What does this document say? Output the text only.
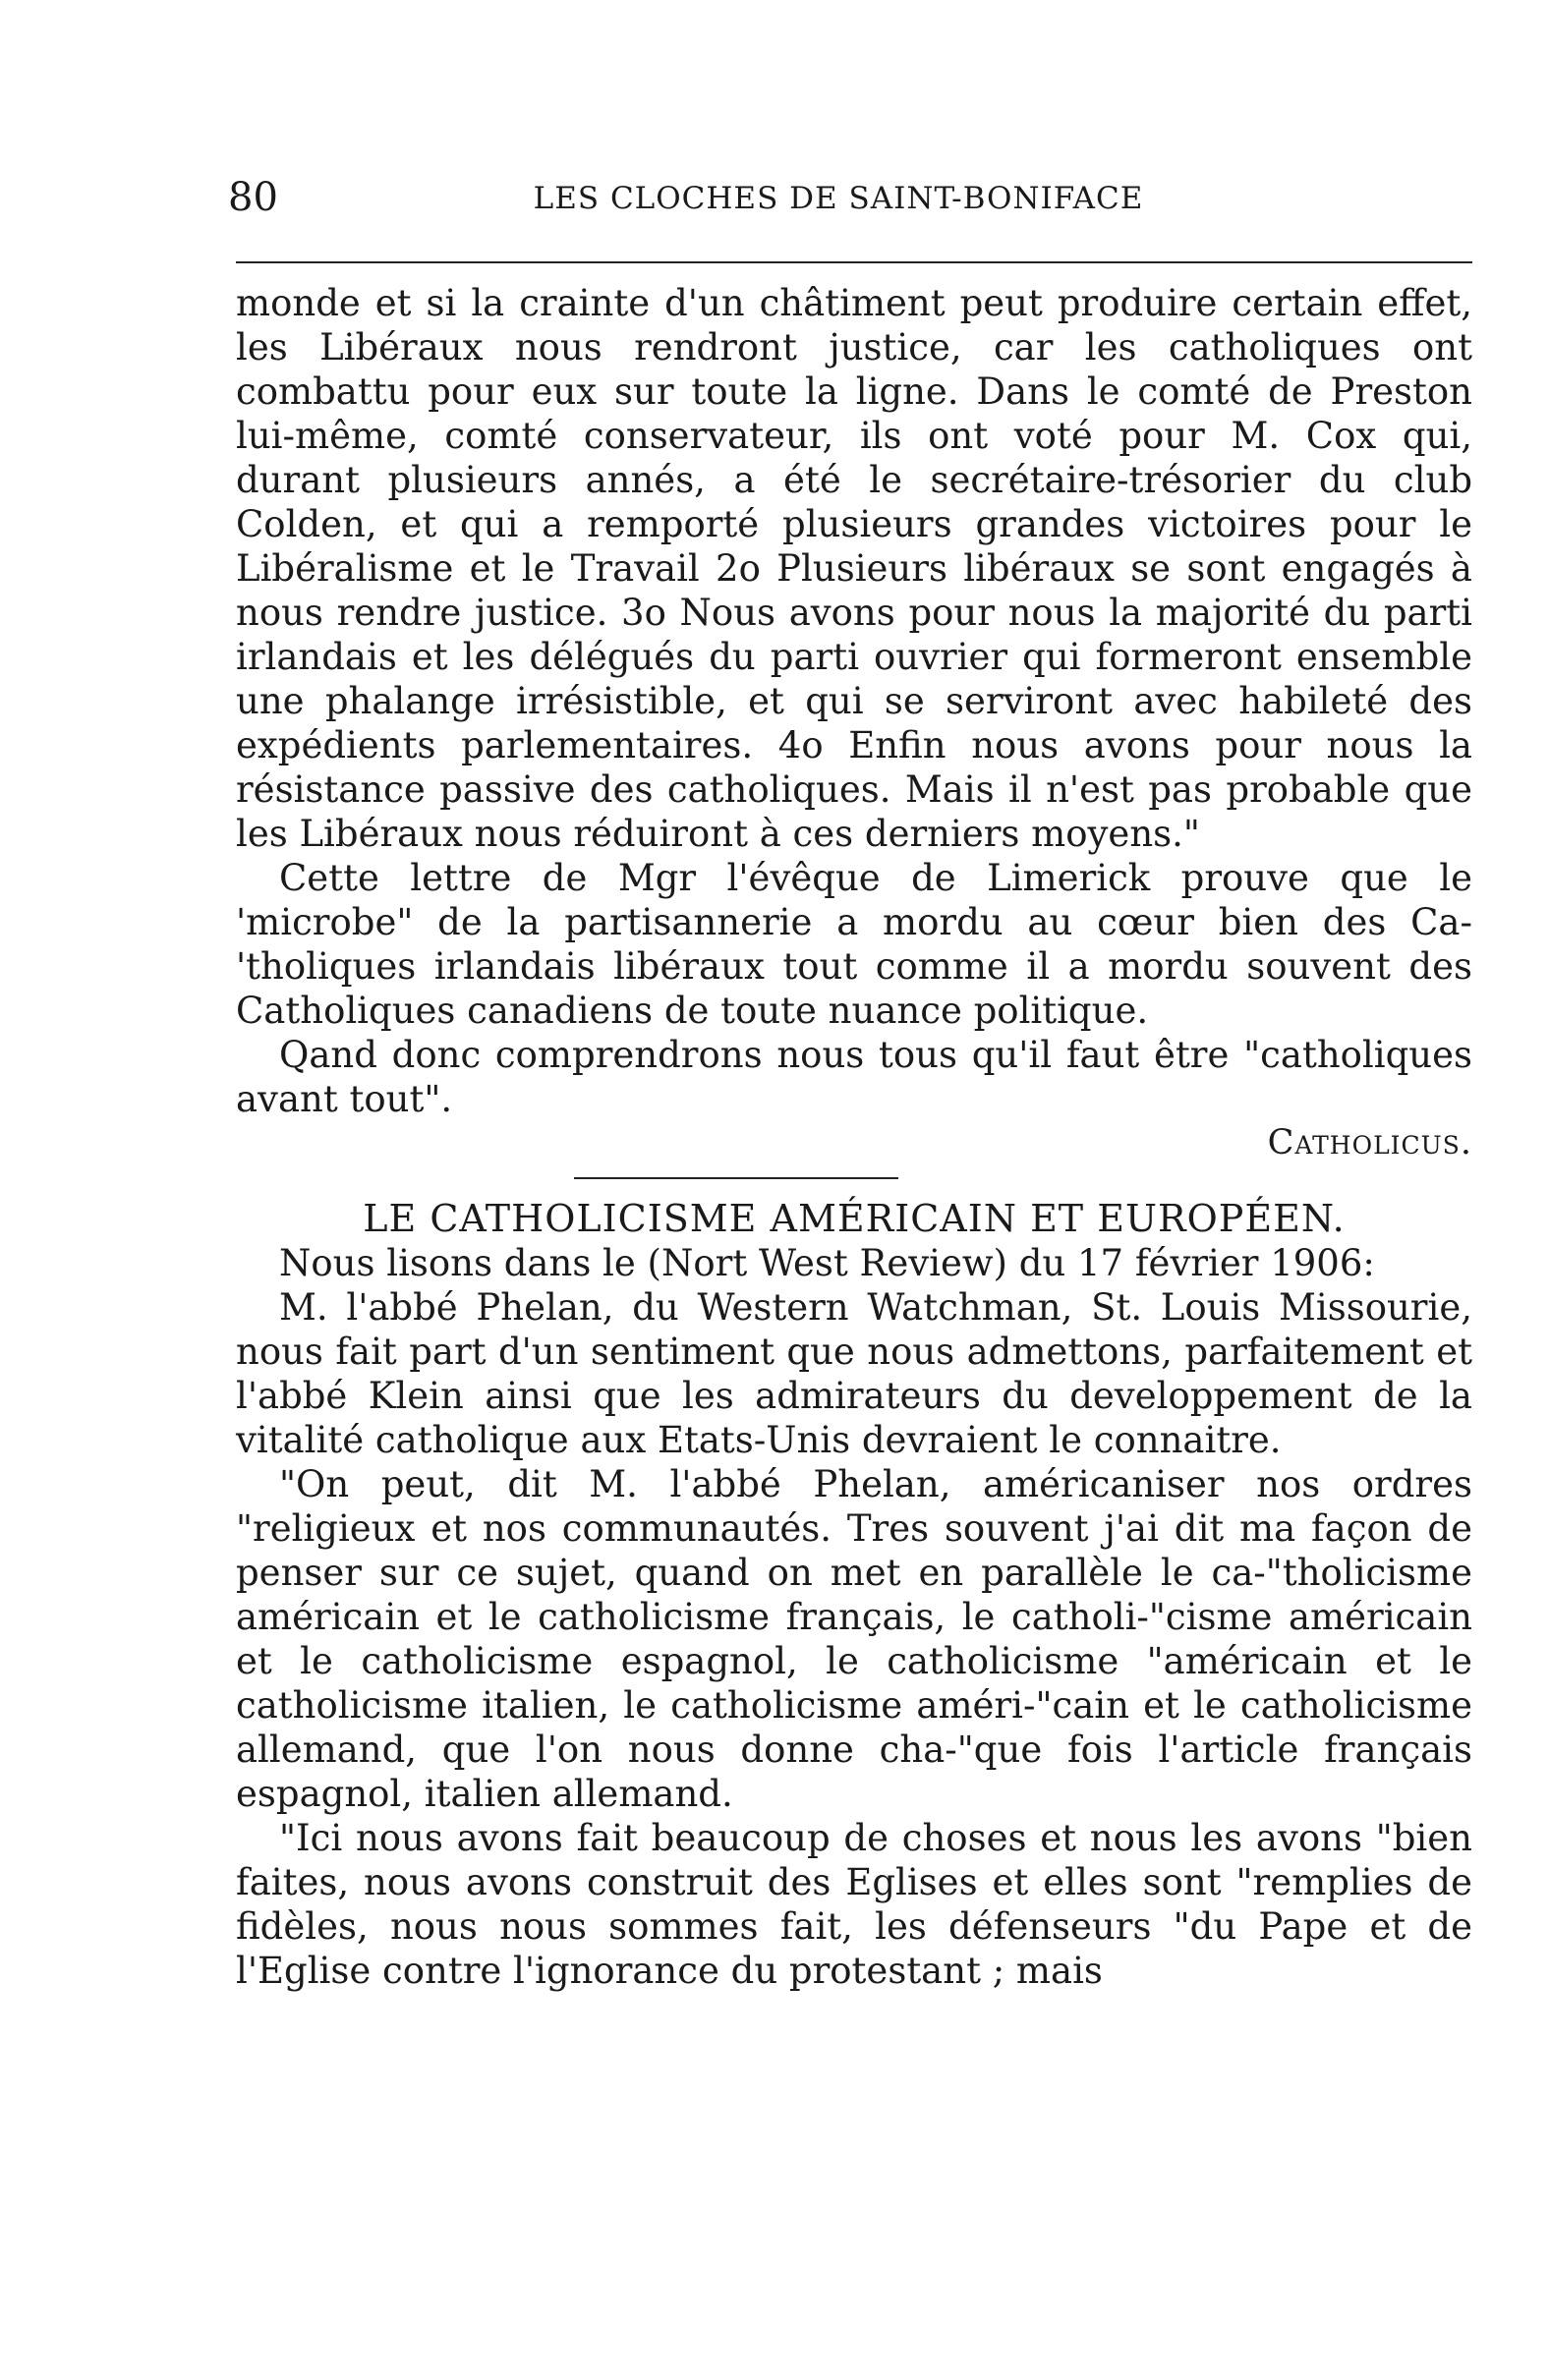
80	LES CLOCHES DE SAINT-BONIFACE

monde et si la crainte d'un châtiment peut produire certain effet, les Libéraux nous rendront justice, car les catholiques ont combattu pour eux sur toute la ligne. Dans le comté de Preston lui-même, comté conservateur, ils ont voté pour M. Cox qui, durant plusieurs annés, a été le secrétaire-trésorier du club Colden, et qui a remporté plusieurs grandes victoires pour le Libéralisme et le Travail 2o Plusieurs libéraux se sont engagés à nous rendre justice. 3o Nous avons pour nous la majorité du parti irlandais et les délégués du parti ouvrier qui formeront ensemble une phalange irrésistible, et qui se serviront avec habileté des expédients parlementaires. 4o Enfin nous avons pour nous la résistance passive des catholiques. Mais il n'est pas probable que les Libéraux nous réduiront à ces derniers moyens."

Cette lettre de Mgr l'évêque de Limerick prouve que le 'microbe" de la partisannerie a mordu au cœur bien des Ca-'tholiques irlandais libéraux tout comme il a mordu souvent des Catholiques canadiens de toute nuance politique.

Qand donc comprendrons nous tous qu'il faut être "catholiques avant tout".

Catholicus.

LE CATHOLICISME AMÉRICAIN ET EUROPÉEN.

Nous lisons dans le (Nort West Review) du 17 février 1906:

M. l'abbé Phelan, du Western Watchman, St. Louis Missourie, nous fait part d'un sentiment que nous admettons, parfaitement et l'abbé Klein ainsi que les admirateurs du developpement de la vitalité catholique aux Etats-Unis devraient le connaitre.

"On peut, dit M. l'abbé Phelan, américaniser nos ordres "religieux et nos communautés. Tres souvent j'ai dit ma façon de penser sur ce sujet, quand on met en parallèle le ca-"tholicisme américain et le catholicisme français, le catholi-"cisme américain et le catholicisme espagnol, le catholicisme "américain et le catholicisme italien, le catholicisme améri-"cain et le catholicisme allemand, que l'on nous donne cha-"que fois l'article français espagnol, italien allemand.

"Ici nous avons fait beaucoup de choses et nous les avons "bien faites, nous avons construit des Eglises et elles sont "remplies de fidèles, nous nous sommes fait, les défenseurs "du Pape et de l'Eglise contre l'ignorance du protestant ; mais
